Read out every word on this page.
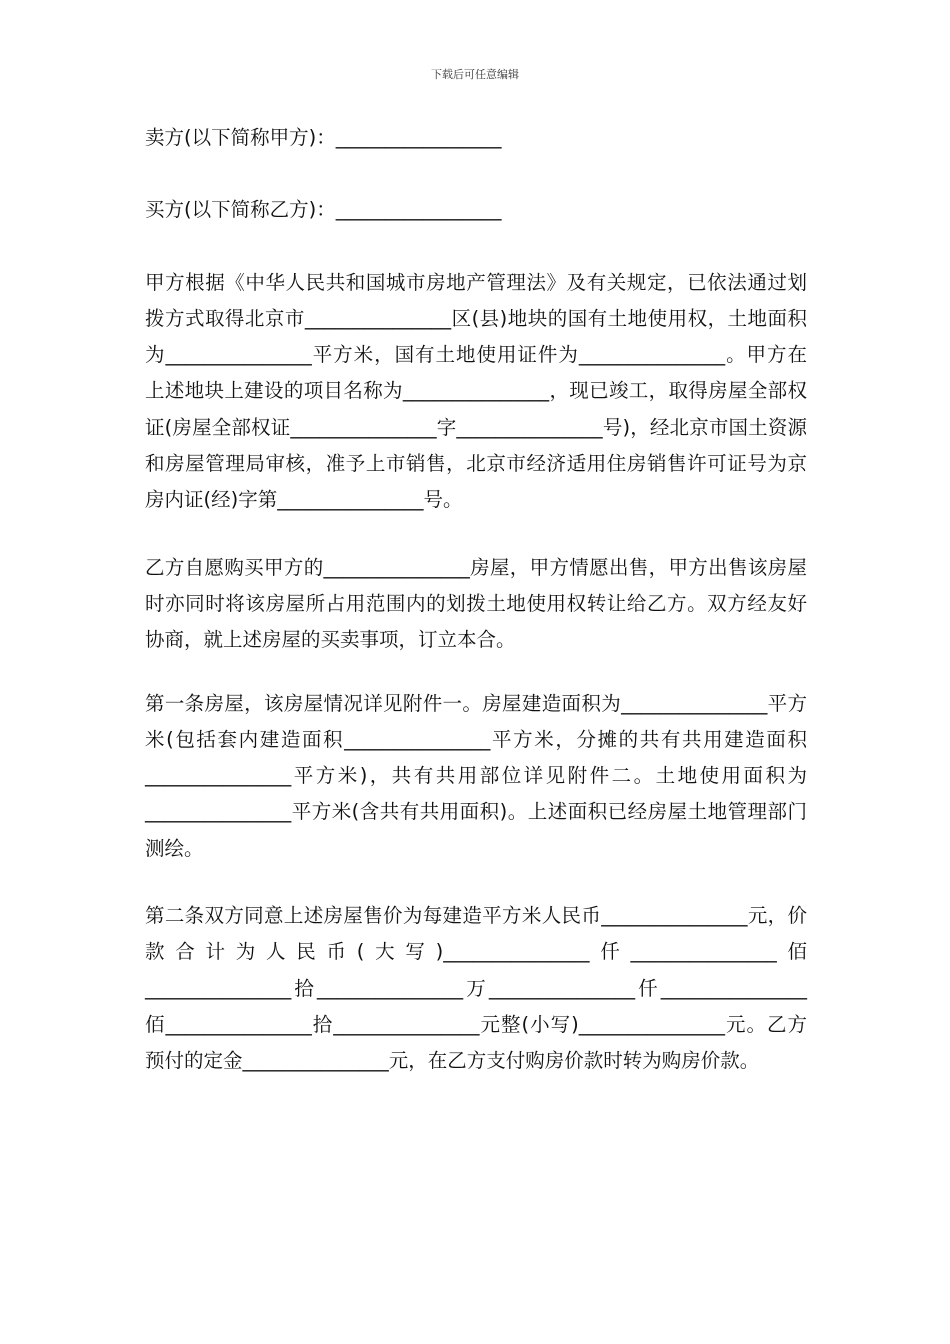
下载后可任意编辑

卖方(以下简称甲方)：_________________

买方(以下简称乙方)：_________________

甲方根据《中华人民共和国城市房地产管理法》及有关规定，已依法通过划拨方式取得北京市_______________区(县)地块的国有土地使用权，土地面积为_______________平方米，国有土地使用证件为_______________。甲方在上述地块上建设的项目名称为_______________，现已竣工，取得房屋全部权证(房屋全部权证_______________字_______________号)，经北京市国土资源和房屋管理局审核，准予上市销售，北京市经济适用住房销售许可证号为京房内证(经)字第_______________号。

乙方自愿购买甲方的_______________房屋，甲方情愿出售，甲方出售该房屋时亦同时将该房屋所占用范围内的划拨土地使用权转让给乙方。双方经友好协商，就上述房屋的买卖事项，订立本合。

第一条房屋，该房屋情况详见附件一。房屋建造面积为_______________平方米(包括套内建造面积_______________平方米，分摊的共有共用建造面积_______________平方米)，共有共用部位详见附件二。土地使用面积为_______________平方米(含共有共用面积)。上述面积已经房屋土地管理部门测绘。

第二条双方同意上述房屋售价为每建造平方米人民币_______________元，价款合计为人民币(大写)_______________仟_______________佰_______________拾_______________万_______________仟_______________佰_______________拾_______________元整(小写)_______________元。乙方预付的定金_______________元，在乙方支付购房价款时转为购房价款。
